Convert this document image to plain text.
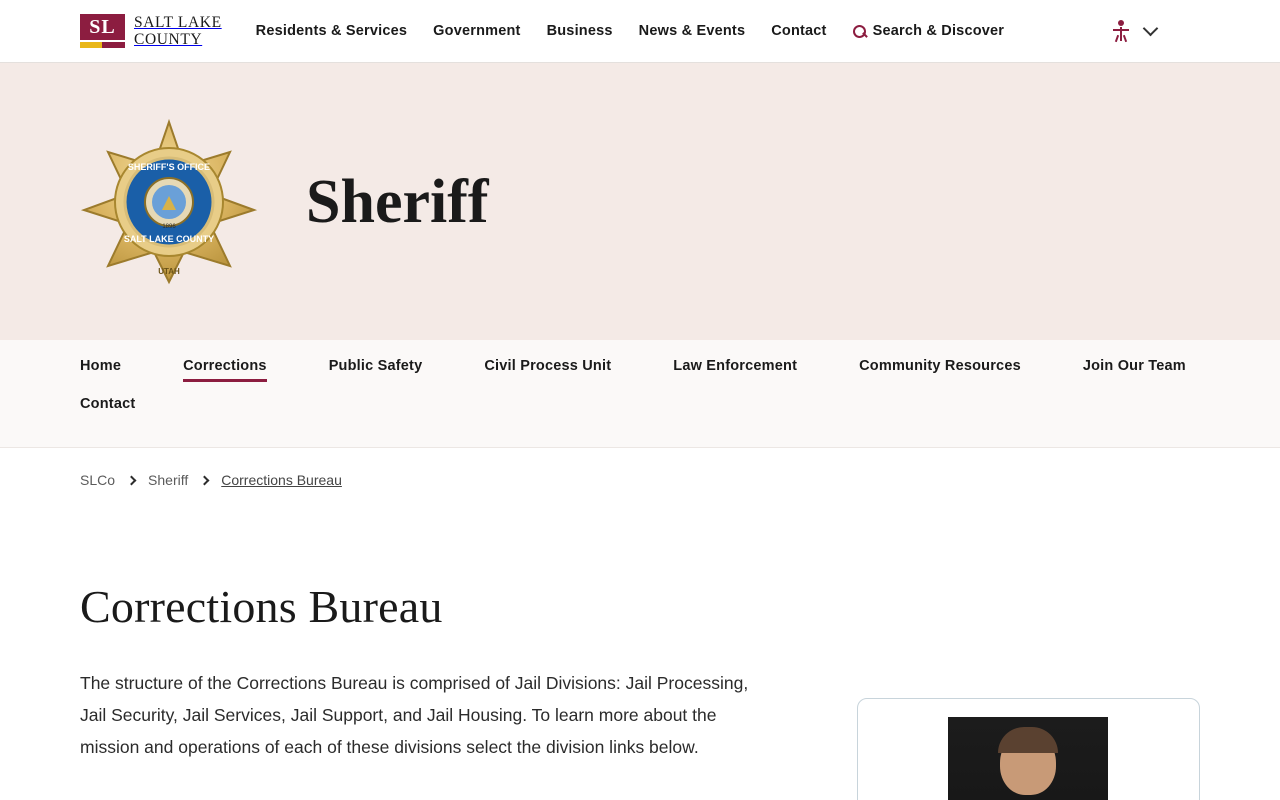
SL	SALT LAKE
COUNTY	Residents & Services Government Business News & Events Contact	Search & Discover
SHERIFF'S OFFICE
SALT LAKE COUNTY
1896
UTAH
Sheriff
Home	Corrections	Public Safety	Civil Process Unit	Law Enforcement	Community Resources	Join Our Team
Contact
SLCo Sheriff Corrections Bureau
Corrections Bureau

The structure of the Corrections Bureau is comprised of Jail Divisions: Jail Processing, Jail Security, Jail Services, Jail Support, and Jail Housing. To learn more about the mission and operations of each of these divisions select the division links below.
